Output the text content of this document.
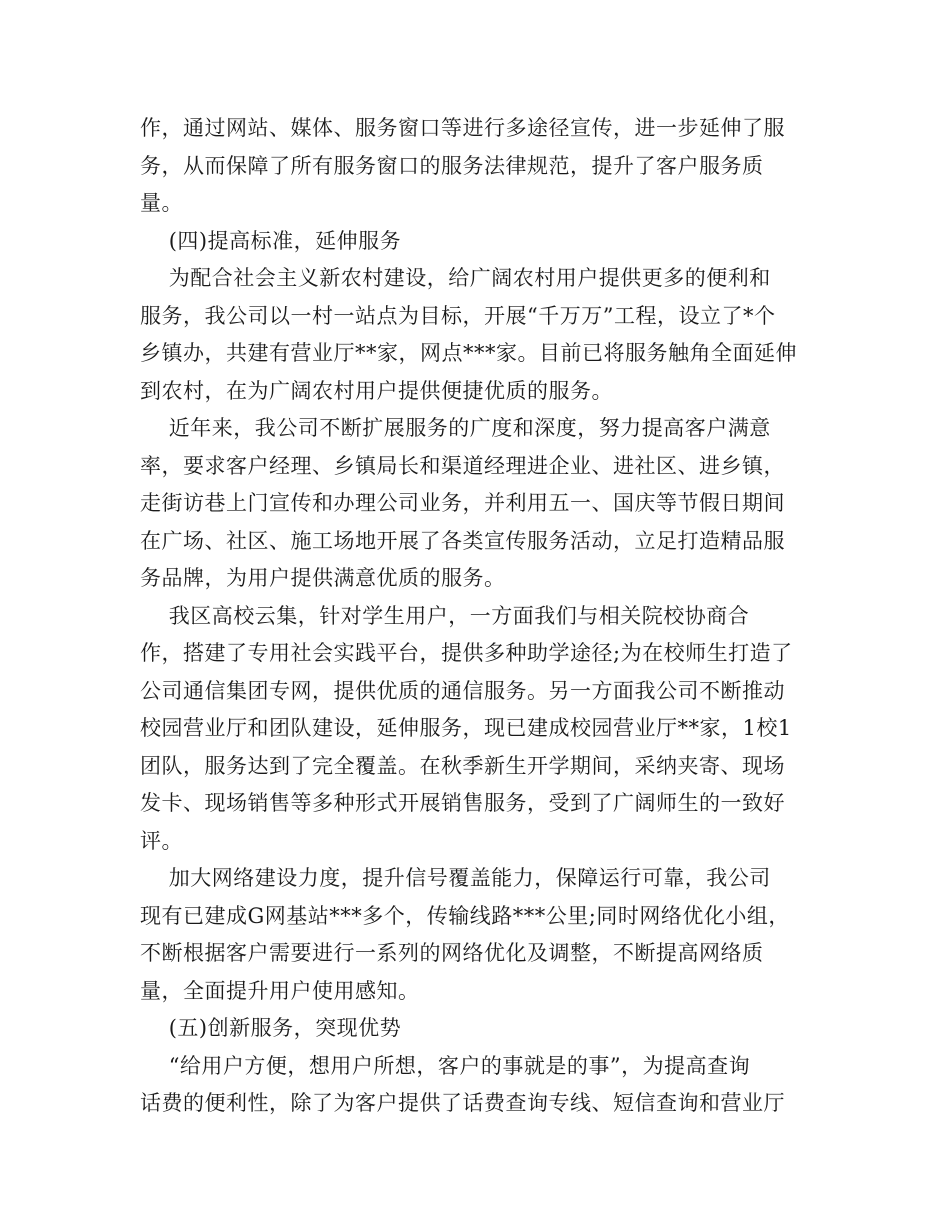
作，通过网站、媒体、服务窗口等进行多途径宣传，进一步延伸了服
务，从而保障了所有服务窗口的服务法律规范，提升了客户服务质
量。
(四)提高标准，延伸服务
为配合社会主义新农村建设，给广阔农村用户提供更多的便利和
服务，我公司以一村一站点为目标，开展“千万万”工程，设立了*个
乡镇办，共建有营业厅**家，网点***家。目前已将服务触角全面延伸
到农村，在为广阔农村用户提供便捷优质的服务。
近年来，我公司不断扩展服务的广度和深度，努力提高客户满意
率，要求客户经理、乡镇局长和渠道经理进企业、进社区、进乡镇，
走街访巷上门宣传和办理公司业务，并利用五一、国庆等节假日期间
在广场、社区、施工场地开展了各类宣传服务活动，立足打造精品服
务品牌，为用户提供满意优质的服务。
我区高校云集，针对学生用户，一方面我们与相关院校协商合
作，搭建了专用社会实践平台，提供多种助学途径;为在校师生打造了
公司通信集团专网，提供优质的通信服务。另一方面我公司不断推动
校园营业厅和团队建设，延伸服务，现已建成校园营业厅**家，1校1
团队，服务达到了完全覆盖。在秋季新生开学期间，采纳夹寄、现场
发卡、现场销售等多种形式开展销售服务，受到了广阔师生的一致好
评。
加大网络建设力度，提升信号覆盖能力，保障运行可靠，我公司
现有已建成G网基站***多个，传输线路***公里;同时网络优化小组，
不断根据客户需要进行一系列的网络优化及调整，不断提高网络质
量，全面提升用户使用感知。
(五)创新服务，突现优势
“给用户方便，想用户所想，客户的事就是的事”，为提高查询
话费的便利性，除了为客户提供了话费查询专线、短信查询和营业厅
